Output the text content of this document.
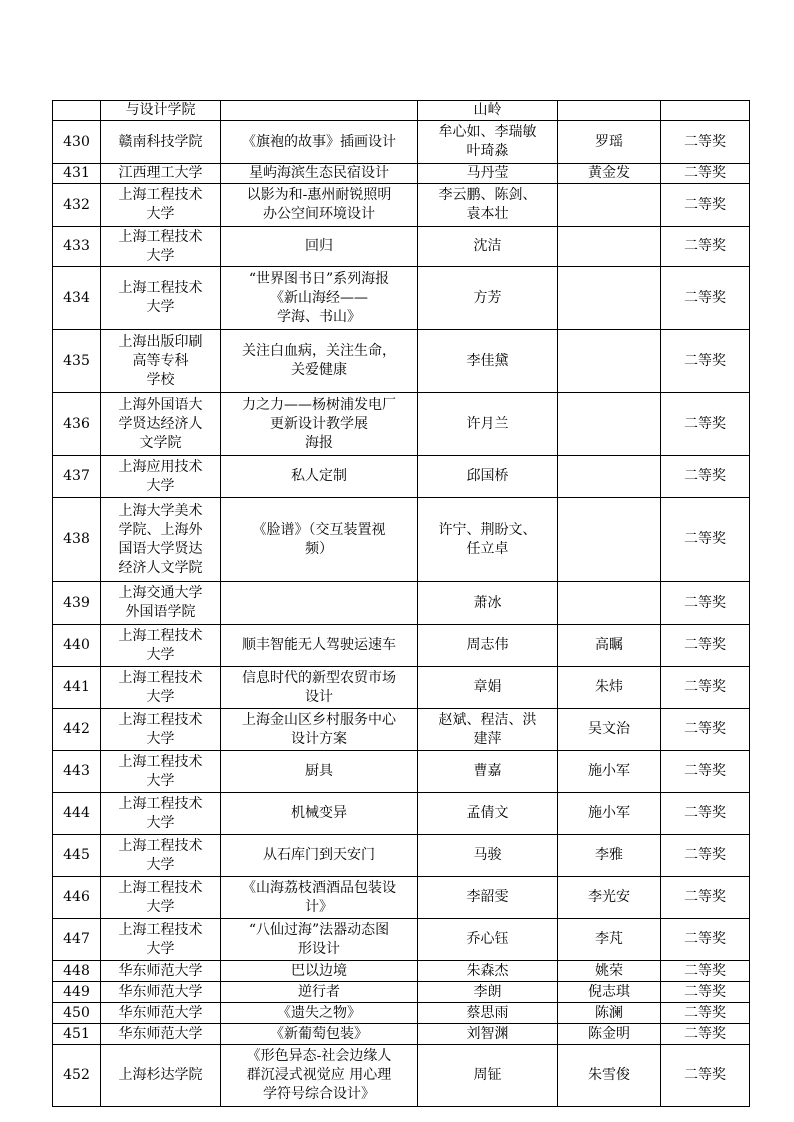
	与设计学院		山岭		
430	赣南科技学院	《旗袍的故事》插画设计	牟心如、李瑞敏
叶琦淼	罗瑶	二等奖
431	江西理工大学	星屿海滨生态民宿设计	马丹莹	黄金发	二等奖
432	上海工程技术
大学	以影为和-惠州耐锐照明
办公空间环境设计	李云鹏、陈剑、
袁本壮		二等奖
433	上海工程技术
大学	回归	沈洁		二等奖
434	上海工程技术
大学	“世界图书日”系列海报
《新山海经——
学海、书山》	方芳		二等奖
435	上海出版印刷
高等专科
学校	关注白血病，关注生命，
关爱健康	李佳黛		二等奖
436	上海外国语大
学贤达经济人
文学院	力之力——杨树浦发电厂
更新设计教学展
海报	许月兰		二等奖
437	上海应用技术
大学	私人定制	邱国桥		二等奖
438	上海大学美术
学院、上海外
国语大学贤达
经济人文学院	《脸谱》（交互装置视
频）	许宁、荆盼文、
任立卓		二等奖
439	上海交通大学
外国语学院		萧冰		二等奖
440	上海工程技术
大学	顺丰智能无人驾驶运速车	周志伟	高瞩	二等奖
441	上海工程技术
大学	信息时代的新型农贸市场
设计	章娟	朱炜	二等奖
442	上海工程技术
大学	上海金山区乡村服务中心
设计方案	赵斌、程洁、洪
建萍	吴文治	二等奖
443	上海工程技术
大学	厨具	曹嘉	施小军	二等奖
444	上海工程技术
大学	机械变异	孟倩文	施小军	二等奖
445	上海工程技术
大学	从石库门到天安门	马骏	李雅	二等奖
446	上海工程技术
大学	《山海荔枝酒酒品包装设
计》	李韶雯	李光安	二等奖
447	上海工程技术
大学	“八仙过海”法器动态图
形设计	乔心钰	李芃	二等奖
448	华东师范大学	巴以边境	朱森杰	姚荣	二等奖
449	华东师范大学	逆行者	李朗	倪志琪	二等奖
450	华东师范大学	《遗失之物》	蔡思雨	陈澜	二等奖
451	华东师范大学	《新葡萄包装》	刘智渊	陈金明	二等奖
452	上海杉达学院	《形色异态-社会边缘人
群沉浸式视觉应 用心理
学符号综合设计》	周钲	朱雪俊	二等奖
